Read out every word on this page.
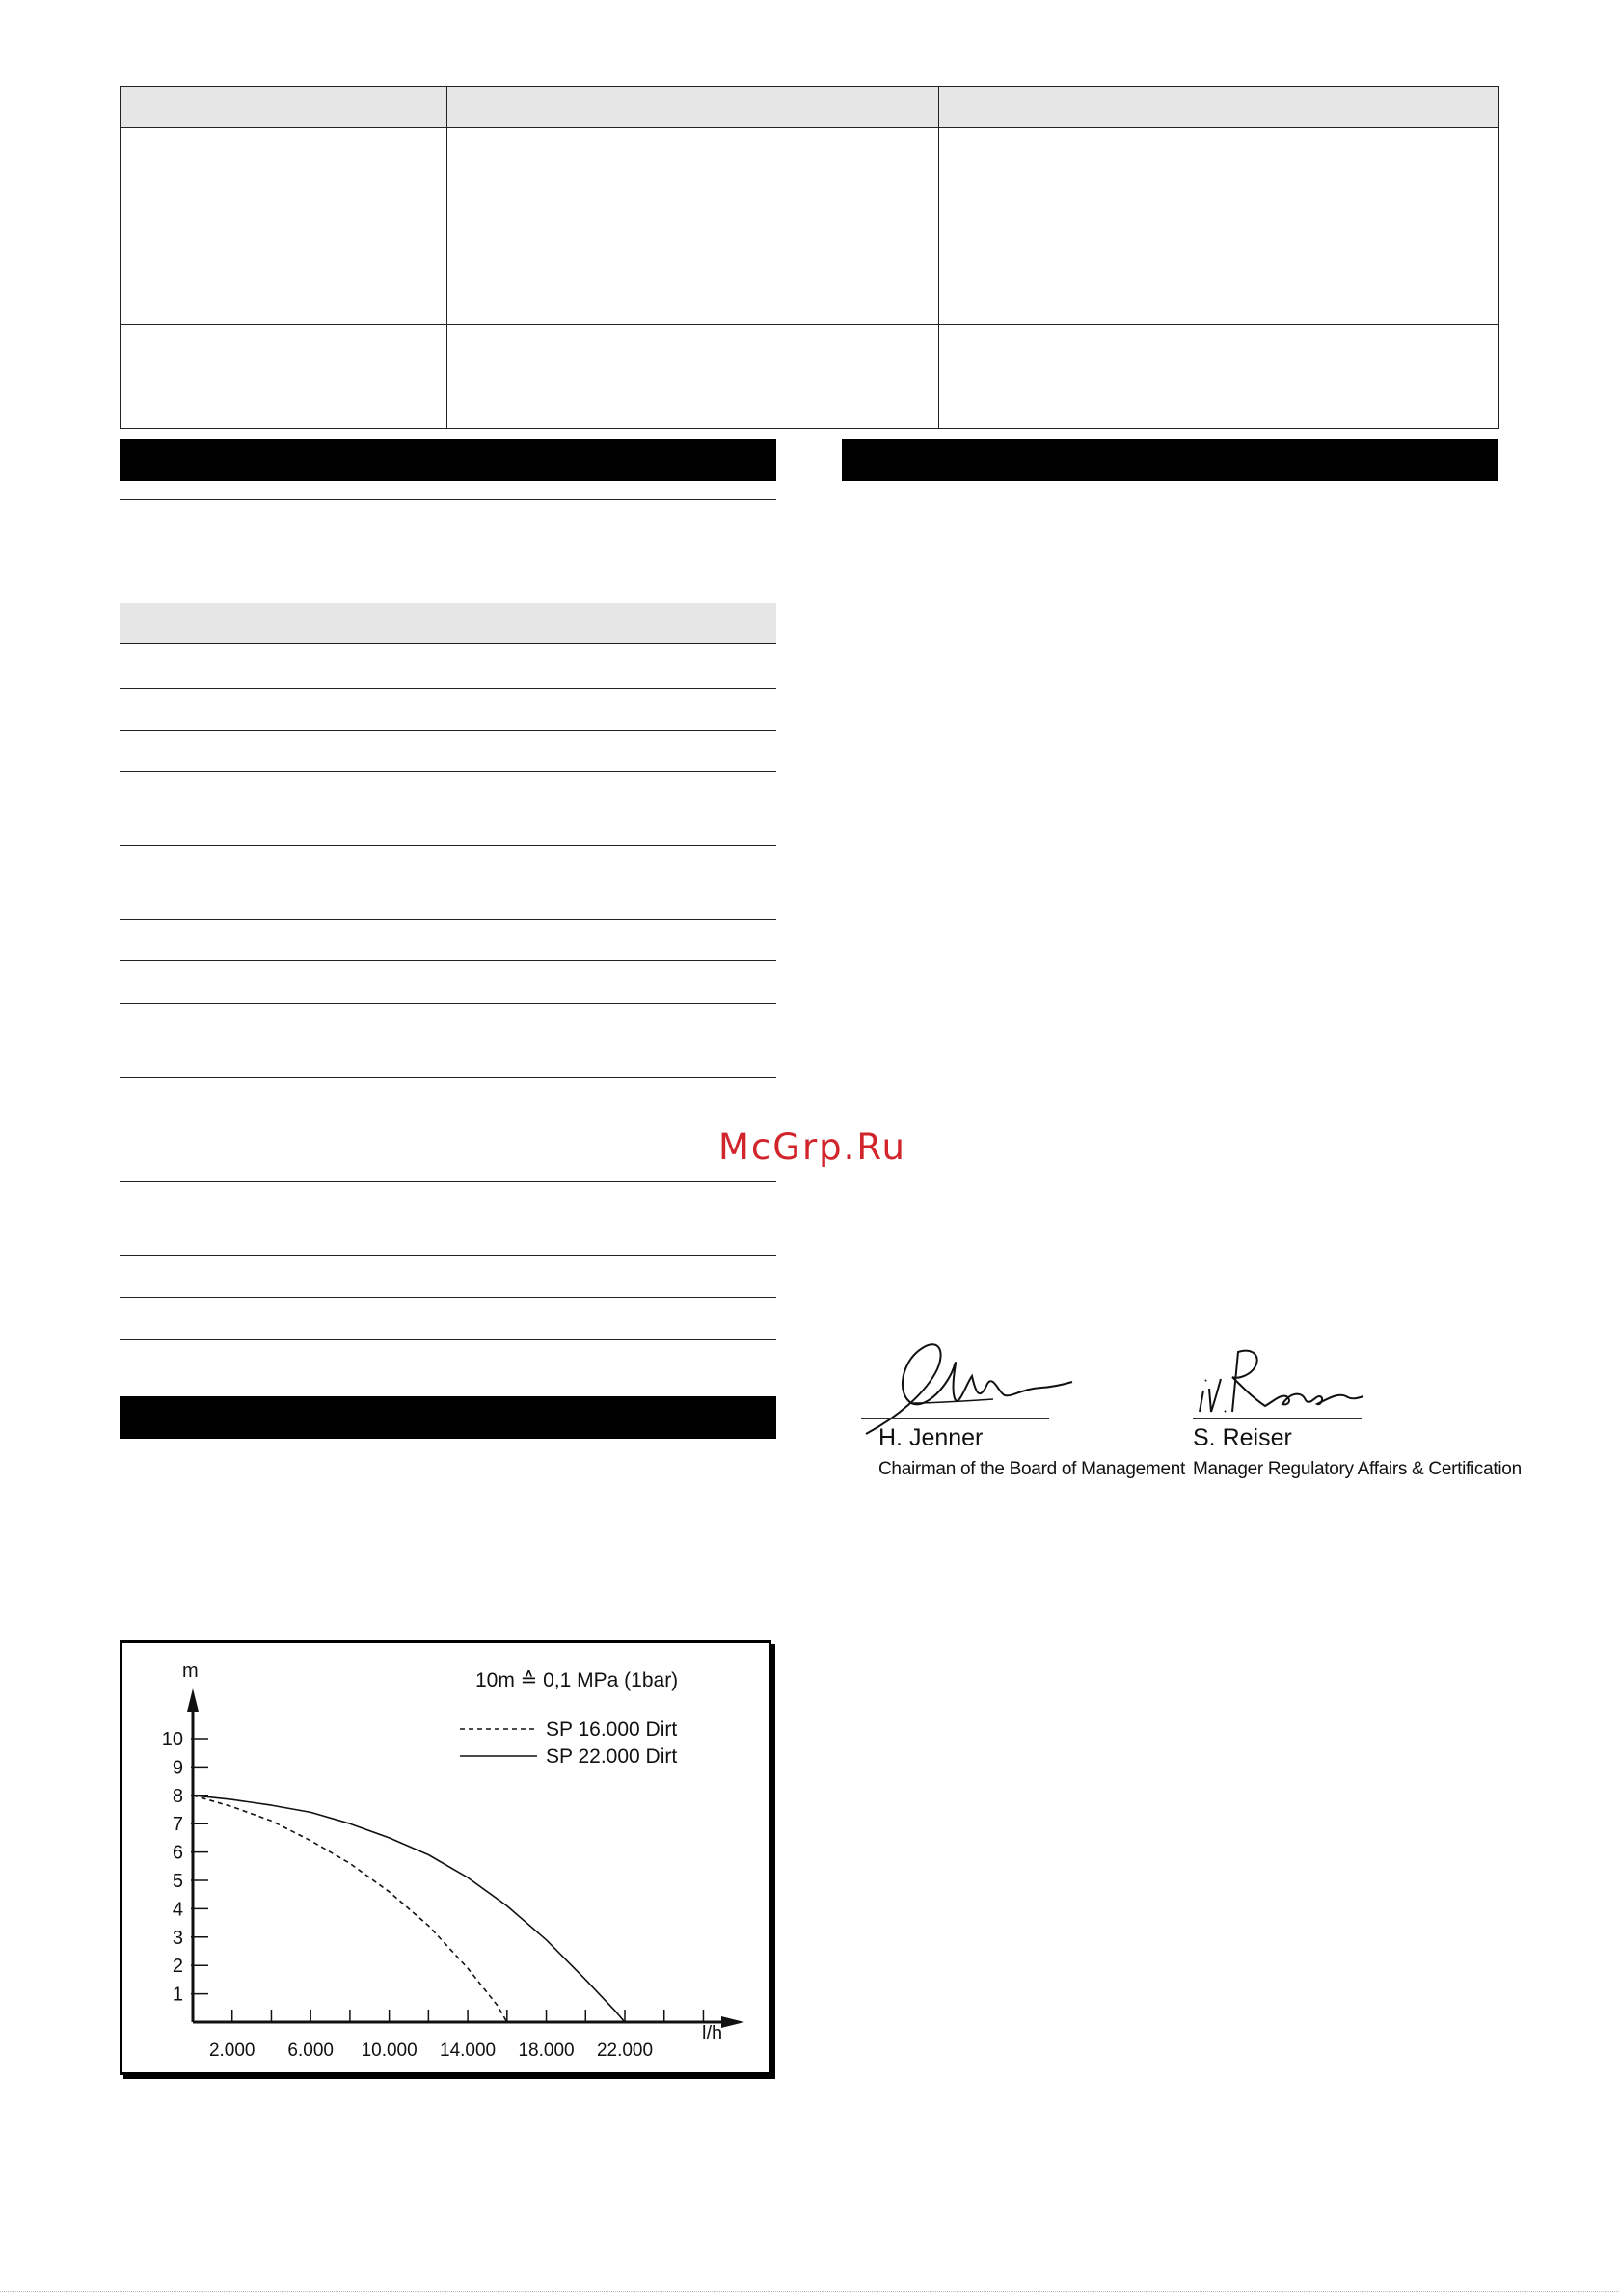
McGrp.Ru
H. Jenner
Chairman of the Board of Management
S. Reiser
Manager Regulatory Affairs & Certification
1
2
3
4
5
6
7
8
9
10
2.000 6.000 10.000 14.000 18.000 22.000
m
l/h
10m ≙ 0,1 MPa (1bar)
SP 16.000 Dirt
SP 22.000 Dirt
